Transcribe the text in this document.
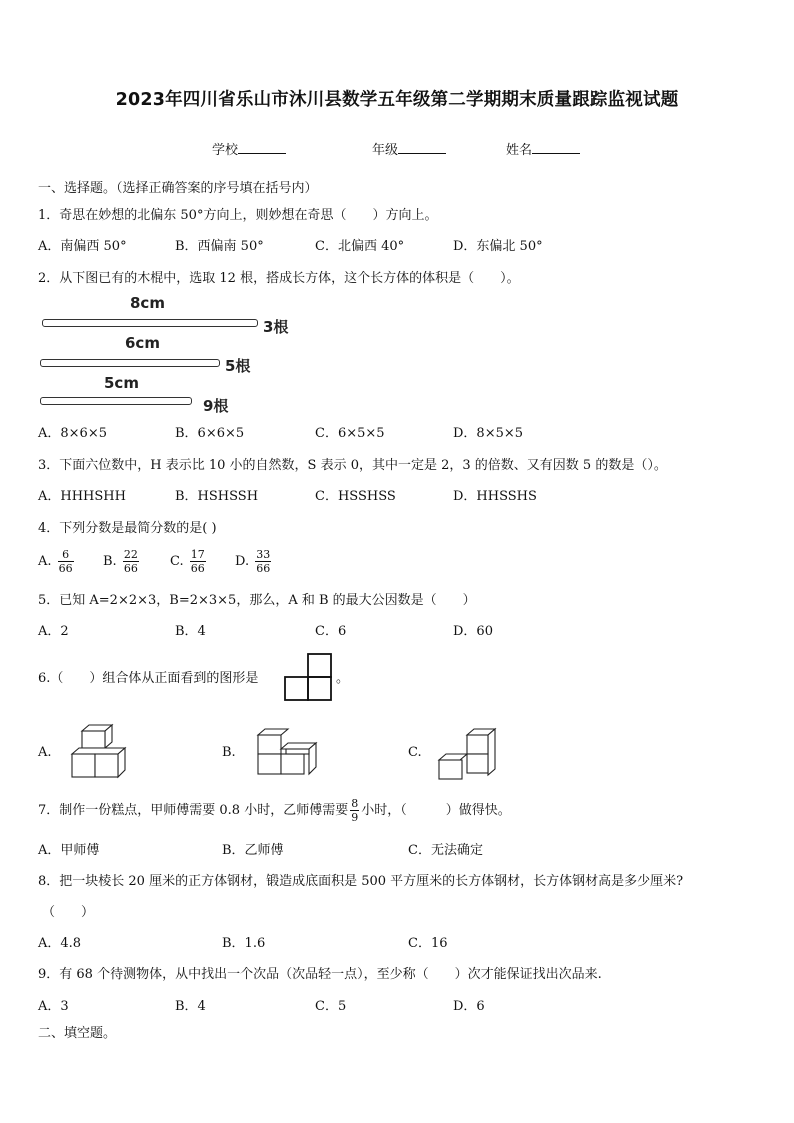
2023年四川省乐山市沐川县数学五年级第二学期期末质量跟踪监视试题
学校	年级	姓名
一、选择题。（选择正确答案的序号填在括号内）
1．奇思在妙想的北偏东 50°方向上，则妙想在奇思（　　）方向上。
A．南偏西 50°	B．西偏南 50°	C．北偏西 40°	D．东偏北 50°
2．从下图已有的木棍中，选取 12 根，搭成长方体，这个长方体的体积是（　　）。
8cm
3根
6cm
5根
5cm
9根
A．8×6×5	B．6×6×5	C．6×5×5	D．8×5×5
3．下面六位数中，H 表示比 10 小的自然数，S 表示 0，其中一定是 2，3 的倍数、又有因数 5 的数是（）。
A．HHHSHH	B．HSHSSH	C．HSSHSS	D．HHSSHS
4．下列分数是最简分数的是( )
A. $\frac{6}{66} B$. $\frac{22}{66} C$. $\frac{17}{66} D$. $\frac{33}{66}$
5．已知 A=2×2×3，B=2×3×5，那么，A 和 B 的最大公因数是（　　）
A．2	B．4	C．6	D．60
6.（　　）组合体从正面看到的图形是	。
A.	B.	C.
7．制作一份糕点，甲师傅需要 0.8 小时，乙师傅需要 $\frac{8}{9}$ 小时，（　　　）做得快。
A．甲师傅	B．乙师傅	C．无法确定
8．把一块棱长 20 厘米的正方体钢材，锻造成底面积是 500 平方厘米的长方体钢材，长方体钢材高是多少厘米?
（　　）
A．4.8	B．1.6	C．16
9．有 68 个待测物体，从中找出一个次品（次品轻一点），至少称（　　）次才能保证找出次品来.
A．3	B．4	C．5	D．6
二、填空题。
